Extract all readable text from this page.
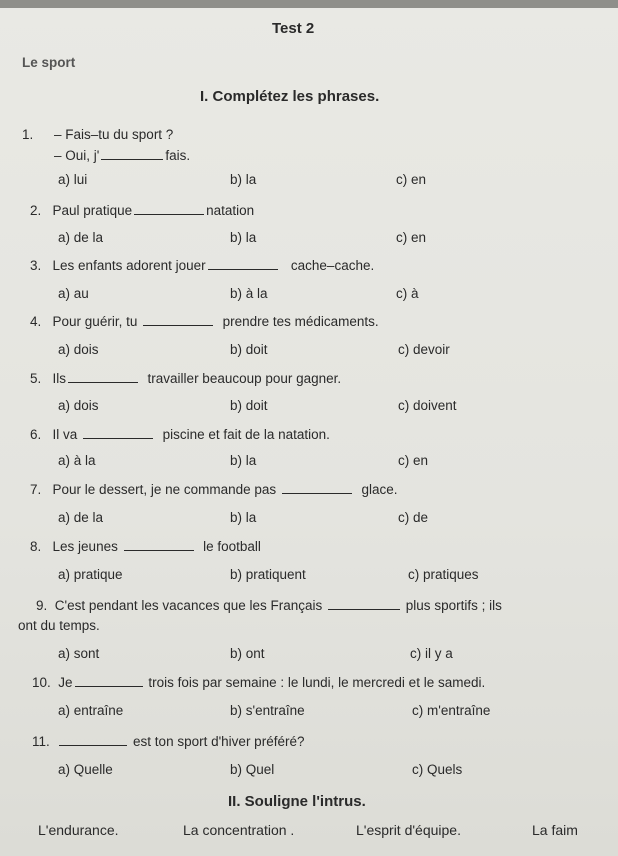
Test 2
Le sport
I. Complétez les phrases.
1. – Fais–tu du sport ?
– Oui, j'	fais.
a) lui	b) la	c) en
2. Paul pratique	natation
a) de la	b) la	c) en
3. Les enfants adorent jouer	cache–cache.
a) au	b) à la	c) à
4. Pour guérir, tu	prendre tes médicaments.
a) dois	b) doit	c) devoir
5. Ils	travailler beaucoup pour gagner.
a) dois	b) doit	c) doivent
6. Il va	piscine et fait de la natation.
a) à la	b) la	c) en
7. Pour le dessert, je ne commande pas	glace.
a) de la	b) la	c) de
8. Les jeunes	le football
a) pratique	b) pratiquent	c) pratiques
9. C'est pendant les vacances que les Français	plus sportifs ; ils
ont du temps.
a) sont	b) ont	c) il y a
10. Je	trois fois par semaine : le lundi, le mercredi et le samedi.
a) entraîne	b) s'entraîne	c) m'entraîne
11.	est ton sport d'hiver préféré?
a) Quelle	b) Quel	c) Quels
II. Souligne l'intrus.
L'endurance.	La concentration .	L'esprit d'équipe.	La faim
